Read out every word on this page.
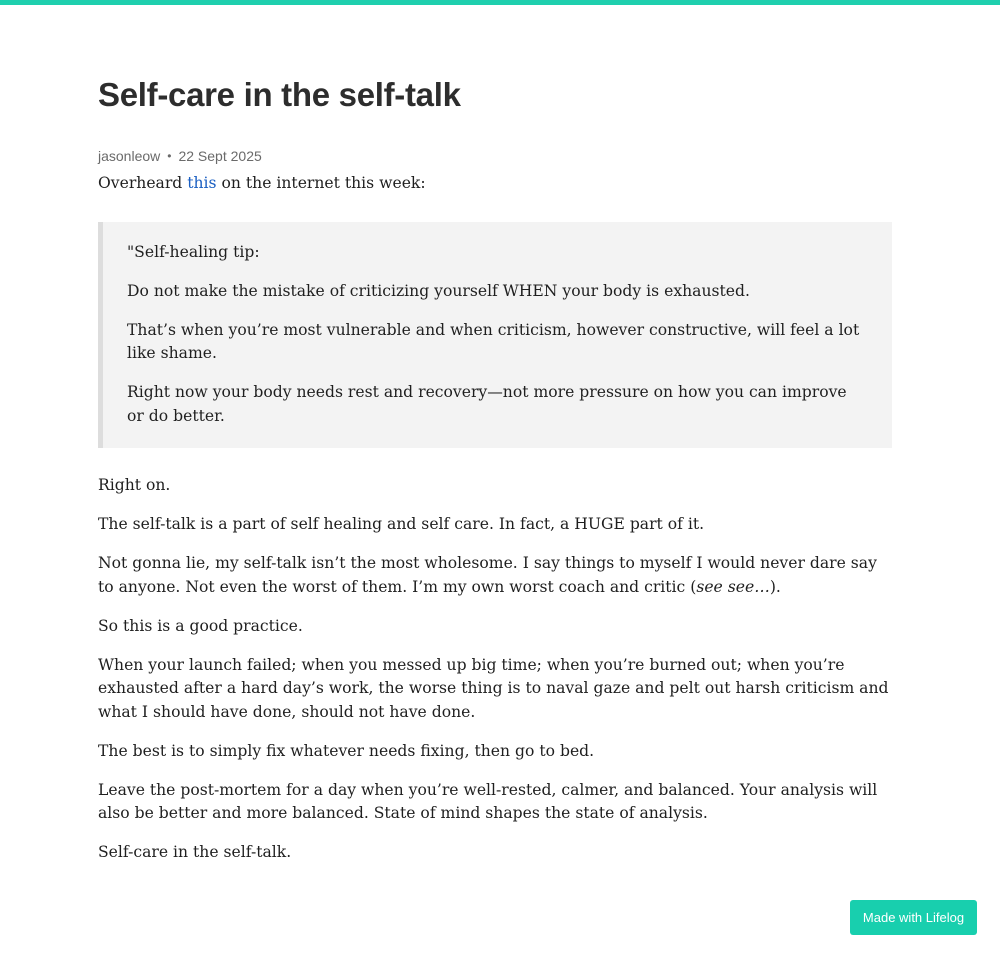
Self-care in the self-talk
jasonleow • 22 Sept 2025

Overheard this on the internet this week:

"Self-healing tip:

Do not make the mistake of criticizing yourself WHEN your body is exhausted.

That’s when you’re most vulnerable and when criticism, however constructive, will feel a lot like shame.

Right now your body needs rest and recovery—not more pressure on how you can improve or do better.

Right on.

The self-talk is a part of self healing and self care. In fact, a HUGE part of it.

Not gonna lie, my self-talk isn’t the most wholesome. I say things to myself I would never dare say to anyone. Not even the worst of them. I’m my own worst coach and critic (see see…).

So this is a good practice.

When your launch failed; when you messed up big time; when you’re burned out; when you’re exhausted after a hard day’s work, the worse thing is to naval gaze and pelt out harsh criticism and what I should have done, should not have done.

The best is to simply fix whatever needs fixing, then go to bed.

Leave the post-mortem for a day when you’re well-rested, calmer, and balanced. Your analysis will also be better and more balanced. State of mind shapes the state of analysis.

Self-care in the self-talk.

Made with Lifelog
